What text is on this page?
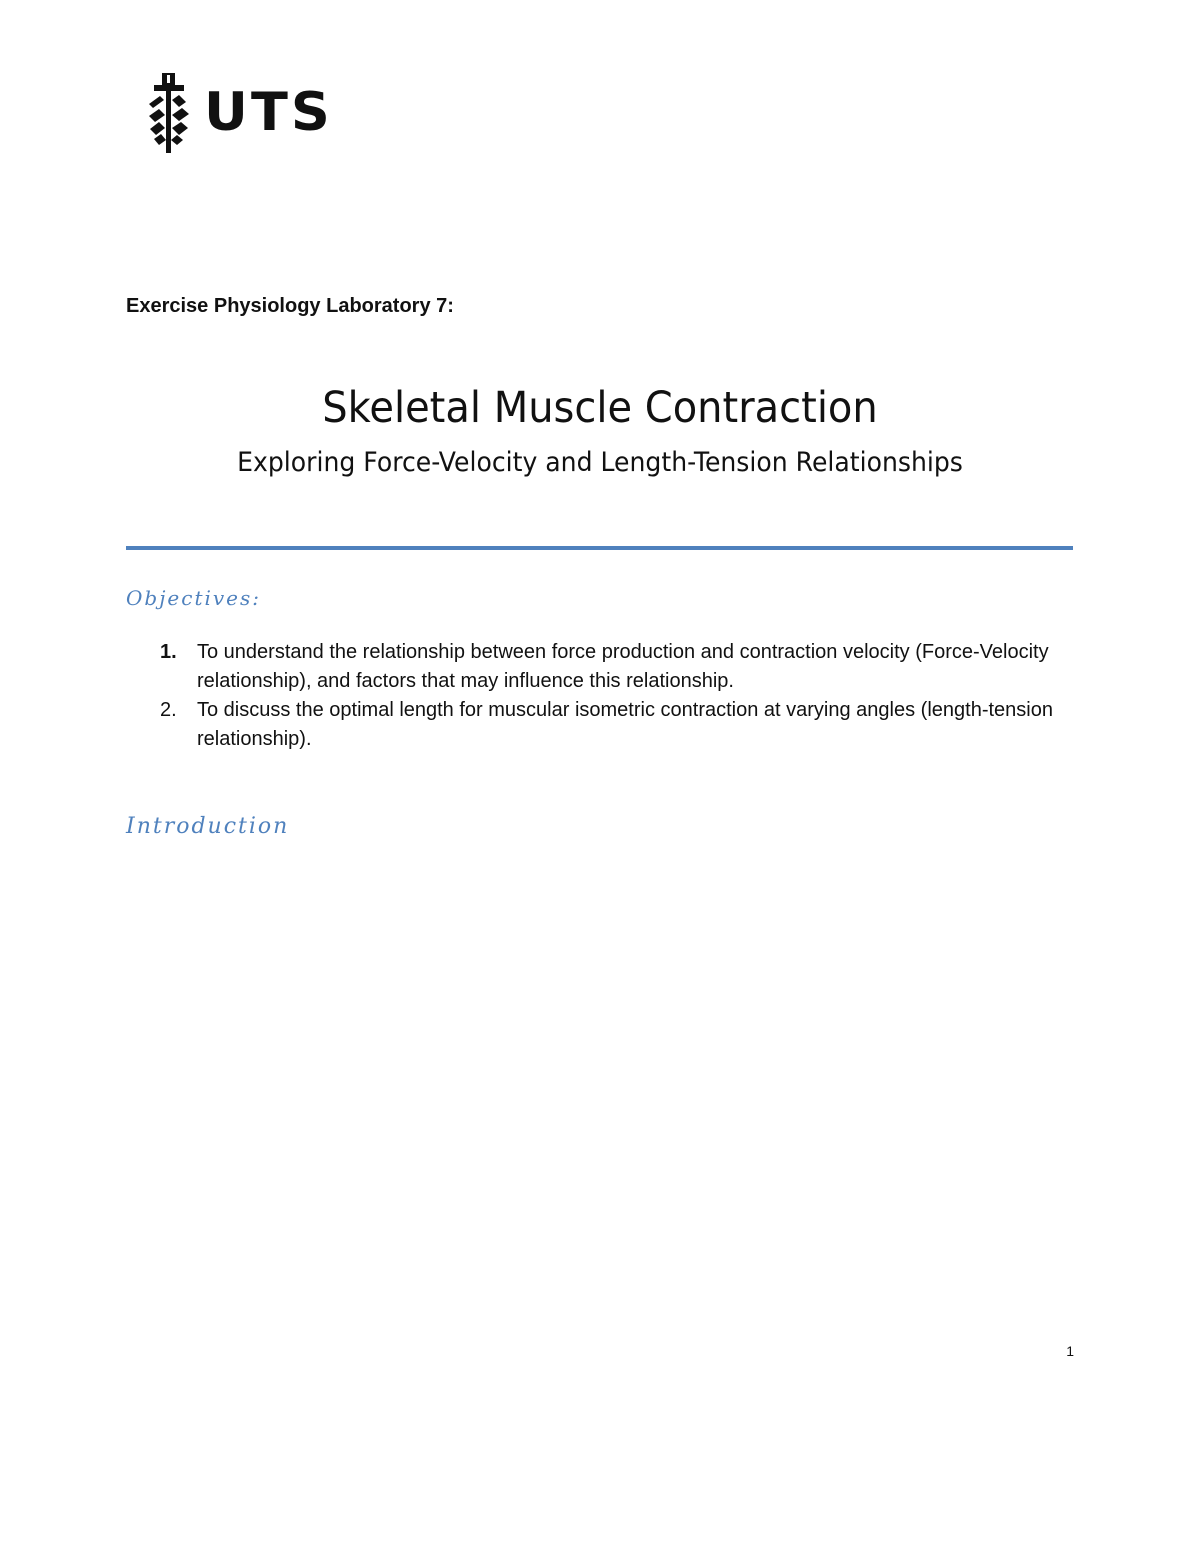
UTS
Exercise Physiology Laboratory 7:
Skeletal Muscle Contraction
Exploring Force-Velocity and Length-Tension Relationships
Objectives:
1. To understand the relationship between force production and contraction velocity (Force-Velocity relationship), and factors that may influence this relationship.
2. To discuss the optimal length for muscular isometric contraction at varying angles (length-tension relationship).
Introduction
1
